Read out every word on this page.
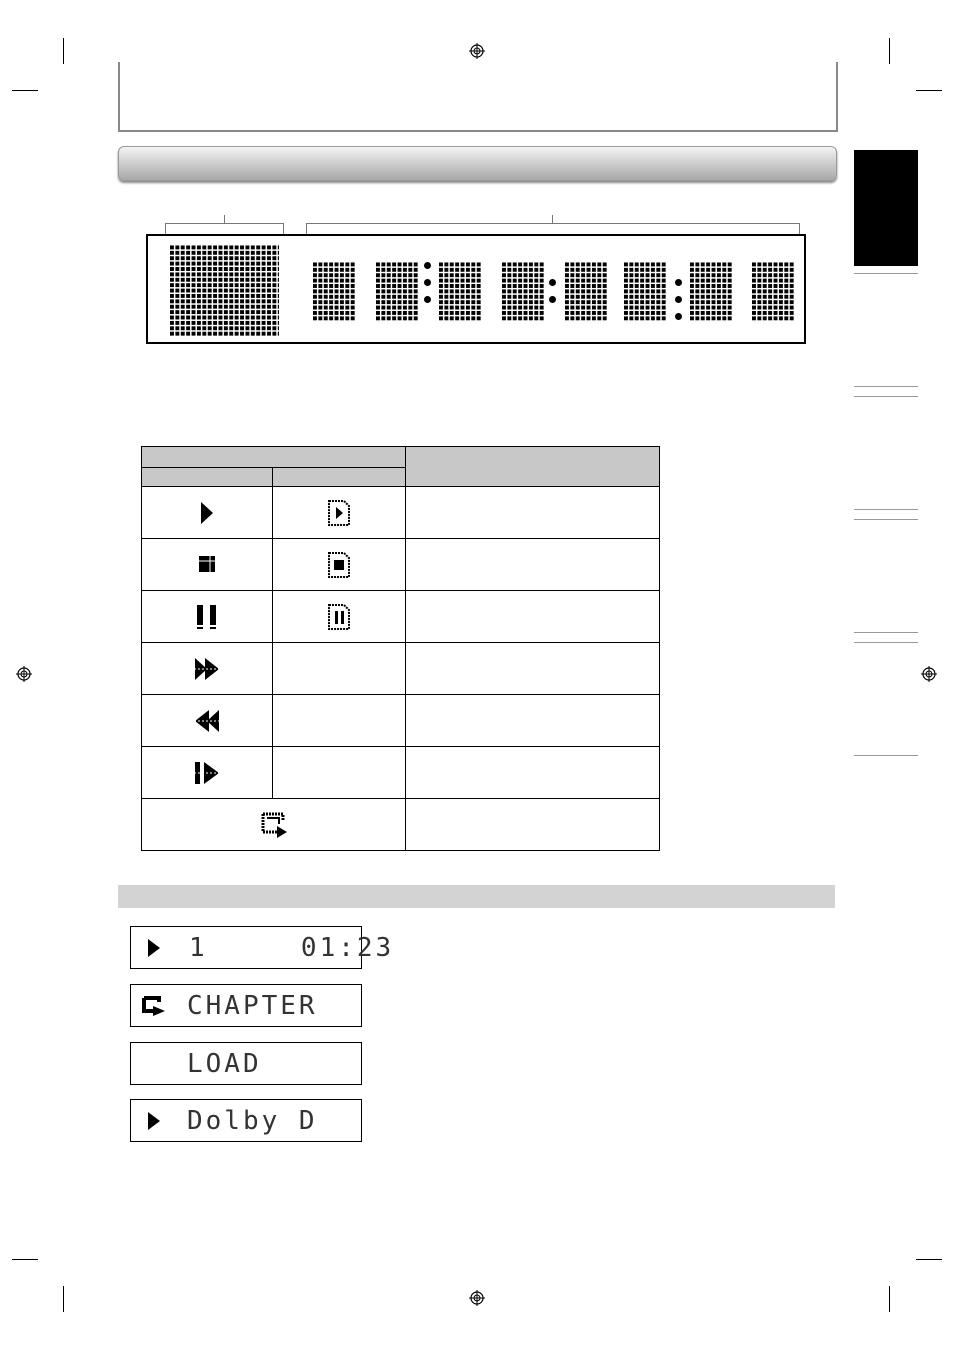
1     01:23
CHAPTER
LOAD
Dolby D
